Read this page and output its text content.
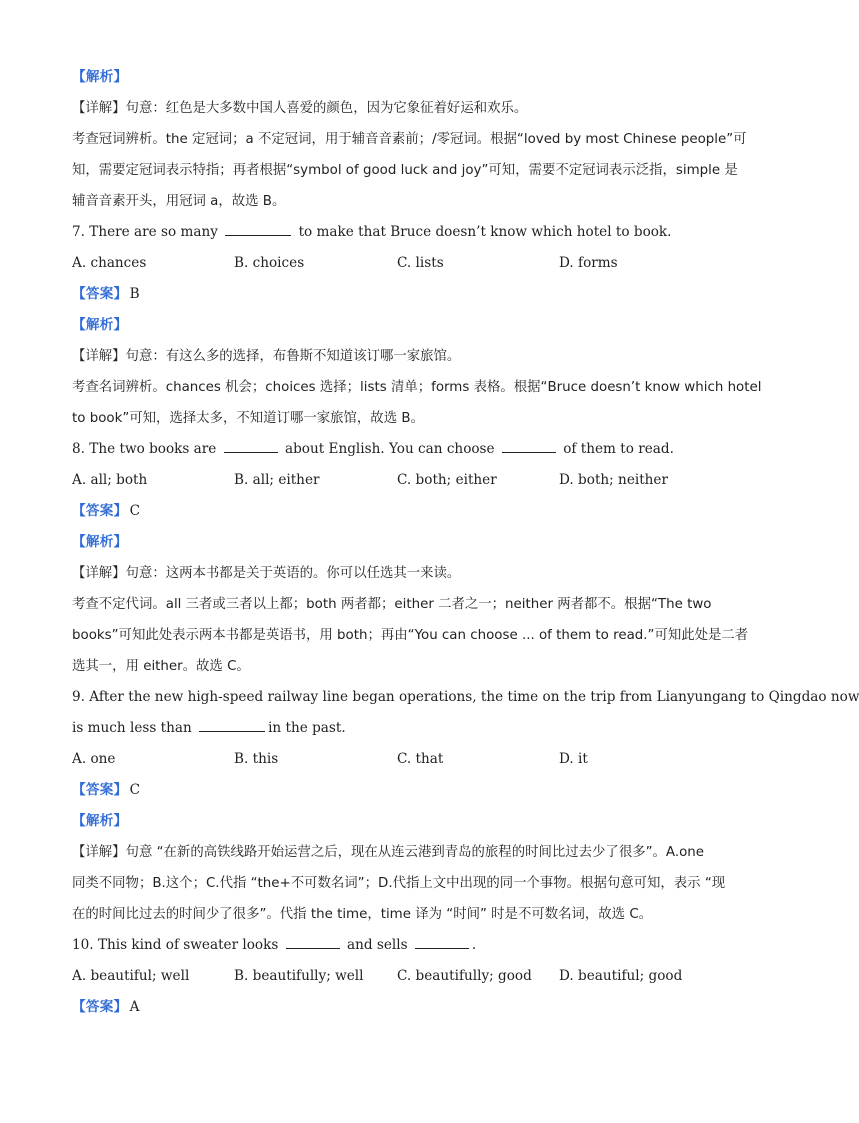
【解析】
【详解】句意：红色是大多数中国人喜爱的颜色，因为它象征着好运和欢乐。
考查冠词辨析。the 定冠词；a 不定冠词，用于辅音音素前；/零冠词。根据“loved by most Chinese people”可
知，需要定冠词表示特指；再者根据“symbol of good luck and joy”可知，需要不定冠词表示泛指，simple 是
辅音音素开头，用冠词 a，故选 B。
7. There are so many	to make that Bruce doesn’t know which hotel to book.
A. chances	B. choices	C. lists	D. forms
【答案】 B
【解析】
【详解】句意：有这么多的选择，布鲁斯不知道该订哪一家旅馆。
考查名词辨析。chances 机会；choices 选择；lists 清单；forms 表格。根据“Bruce doesn’t know which hotel
to book”可知，选择太多，不知道订哪一家旅馆，故选 B。
8. The two books are	about English. You can choose	of them to read.
A. all; both	B. all; either	C. both; either	D. both; neither
【答案】 C
【解析】
【详解】句意：这两本书都是关于英语的。你可以任选其一来读。
考查不定代词。all 三者或三者以上都；both 两者都；either 二者之一；neither 两者都不。根据“The two
books”可知此处表示两本书都是英语书，用 both；再由“You can choose ... of them to read.”可知此处是二者
选其一，用 either。故选 C。
9. After the new high-speed railway line began operations, the time on the trip from Lianyungang to Qingdao now
is much less than	in the past.
A. one	B. this	C. that	D. it
【答案】 C
【解析】
【详解】句意 “在新的高铁线路开始运营之后，现在从连云港到青岛的旅程的时间比过去少了很多”。A.one
同类不同物；B.这个；C.代指 “the+不可数名词”；D.代指上文中出现的同一个事物。根据句意可知，表示 “现
在的时间比过去的时间少了很多”。代指 the time，time 译为 “时间” 时是不可数名词，故选 C。
10. This kind of sweater looks	and sells	.
A. beautiful; well	B. beautifully; well	C. beautifully; good	D. beautiful; good
【答案】 A
